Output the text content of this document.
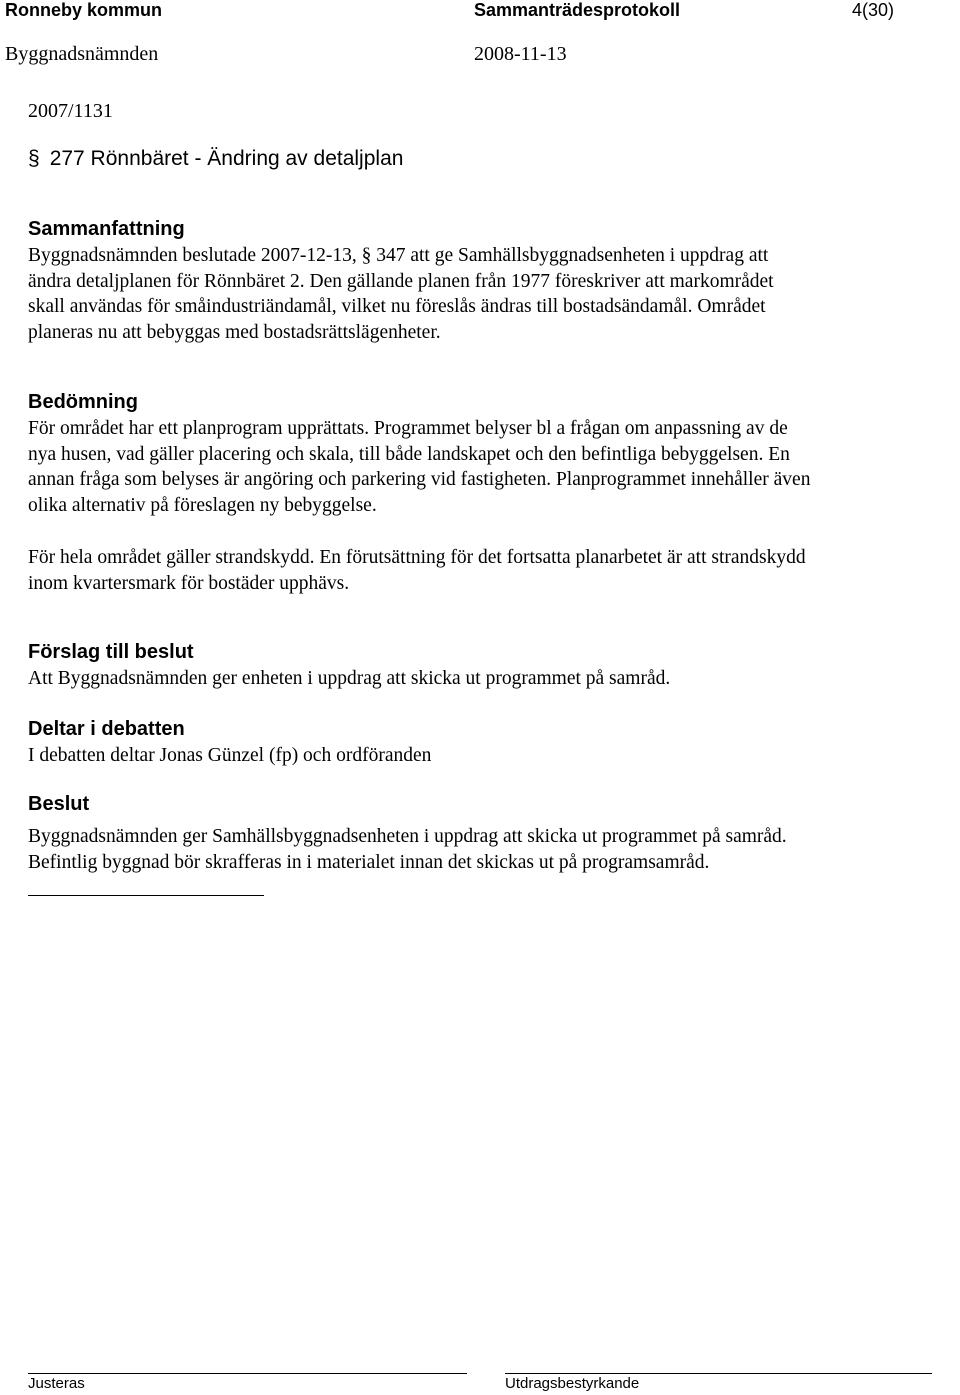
Ronneby kommun	Sammanträdesprotokoll	4(30)
Byggnadsnämnden	2008-11-13
2007/1131
§ 277 Rönnbäret - Ändring av detaljplan
Sammanfattning
Byggnadsnämnden beslutade 2007-12-13, § 347 att ge Samhällsbyggnadsenheten i uppdrag att
ändra detaljplanen för Rönnbäret 2. Den gällande planen från 1977 föreskriver att markområdet
skall användas för småindustriändamål, vilket nu föreslås ändras till bostadsändamål. Området
planeras nu att bebyggas med bostadsrättslägenheter.
Bedömning
För området har ett planprogram upprättats. Programmet belyser bl a frågan om anpassning av de
nya husen, vad gäller placering och skala, till både landskapet och den befintliga bebyggelsen. En
annan fråga som belyses är angöring och parkering vid fastigheten. Planprogrammet innehåller även
olika alternativ på föreslagen ny bebyggelse.
För hela området gäller strandskydd. En förutsättning för det fortsatta planarbetet är att strandskydd
inom kvartersmark för bostäder upphävs.
Förslag till beslut
Att Byggnadsnämnden ger enheten i uppdrag att skicka ut programmet på samråd.
Deltar i debatten
I debatten deltar Jonas Günzel (fp) och ordföranden
Beslut
Byggnadsnämnden ger Samhällsbyggnadsenheten i uppdrag att skicka ut programmet på samråd.
Befintlig byggnad bör skrafferas in i materialet innan det skickas ut på programsamråd.
Justeras	Utdragsbestyrkande
